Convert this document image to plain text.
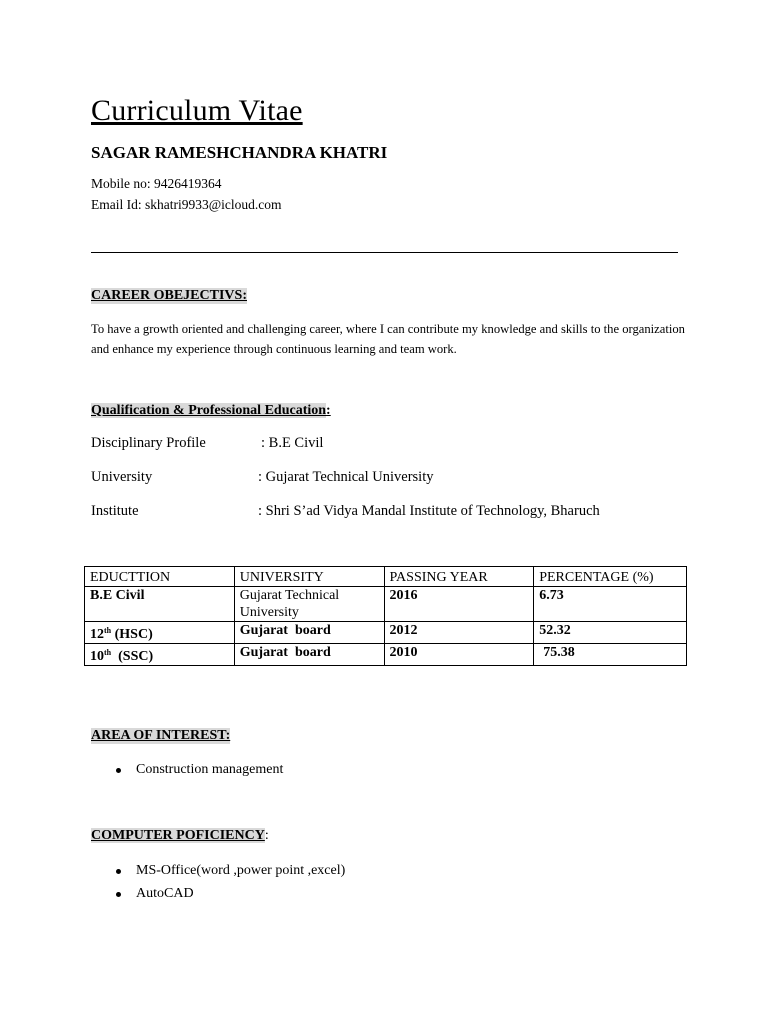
Curriculum Vitae
SAGAR RAMESHCHANDRA KHATRI
Mobile no: 9426419364
Email Id: skhatri9933@icloud.com
CAREER OBEJECTIVS:
To have a growth oriented and challenging career, where I can contribute my knowledge and skills to the organization and enhance my experience through continuous learning and team work.
Qualification & Professional Education:
Disciplinary Profile	: B.E Civil
University	: Gujarat Technical University
Institute	: Shri S’ad Vidya Mandal Institute of Technology, Bharuch
EDUCTTION	UNIVERSITY	PASSING YEAR	PERCENTAGE (%)
B.E Civil	Gujarat Technical University	2016	6.73
12th (HSC)	Gujarat  board	2012	52.32
10th  (SSC)	Gujarat  board	2010	75.38
AREA OF INTEREST:
Construction management
COMPUTER POFICIENCY:
MS-Office(word ,power point ,excel)
AutoCAD
